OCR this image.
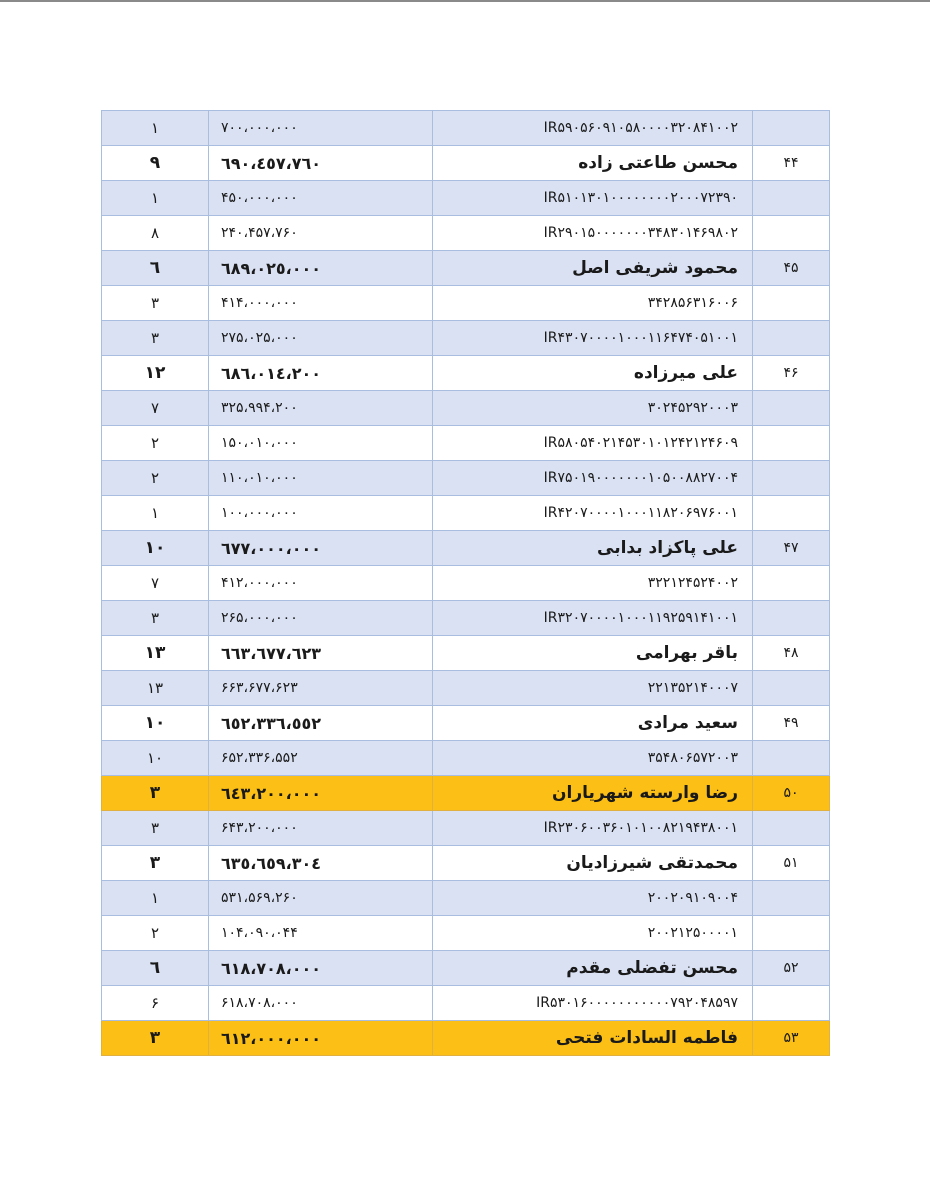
۱	۷۰۰،۰۰۰،۰۰۰	IR۵۹۰۵۶۰۹۱۰۵۸۰۰۰۰۳۲۰۸۴۱۰۰۲	
۹	٦٩٠،٤٥٧،٧٦٠	محسن طاعتی زاده	۴۴
۱	۴۵۰،۰۰۰،۰۰۰	IR۵۱۰۱۳۰۱۰۰۰۰۰۰۰۰۲۰۰۰۷۲۳۹۰	
۸	۲۴۰،۴۵۷،۷۶۰	IR۲۹۰۱۵۰۰۰۰۰۰۰۳۴۸۳۰۱۴۶۹۸۰۲	
٦	٦٨٩،٠٢٥،٠٠٠	محمود شریفی اصل	۴۵
۳	۴۱۴،۰۰۰،۰۰۰	۳۴۲۸۵۶۳۱۶۰۰۶	
۳	۲۷۵،۰۲۵،۰۰۰	IR۴۳۰۷۰۰۰۰۱۰۰۰۱۱۶۴۷۴۰۵۱۰۰۱	
١٢	٦٨٦،٠١٤،٢٠٠	علی میرزاده	۴۶
۷	۳۲۵،۹۹۴،۲۰۰	۳۰۲۴۵۲۹۲۰۰۰۳	
۲	۱۵۰،۰۱۰،۰۰۰	IR۵۸۰۵۴۰۲۱۴۵۳۰۱۰۱۲۴۲۱۲۴۶۰۹	
۲	۱۱۰،۰۱۰،۰۰۰	IR۷۵۰۱۹۰۰۰۰۰۰۰۱۰۵۰۰۸۸۲۷۰۰۴	
۱	۱۰۰،۰۰۰،۰۰۰	IR۴۲۰۷۰۰۰۰۱۰۰۰۱۱۸۲۰۶۹۷۶۰۰۱	
١٠	٦٧٧،٠٠٠،٠٠٠	علی پاکزاد بدابی	۴۷
۷	۴۱۲،۰۰۰،۰۰۰	۳۲۲۱۲۴۵۲۴۰۰۲	
۳	۲۶۵،۰۰۰،۰۰۰	IR۳۲۰۷۰۰۰۰۱۰۰۰۱۱۹۲۵۹۱۴۱۰۰۱	
١٣	٦٦٣،٦٧٧،٦٢٣	باقر بهرامی	۴۸
۱۳	۶۶۳،۶۷۷،۶۲۳	۲۲۱۳۵۲۱۴۰۰۰۷	
١٠	٦٥٢،٣٣٦،٥٥٢	سعید مرادی	۴۹
۱۰	۶۵۲،۳۳۶،۵۵۲	۳۵۴۸۰۶۵۷۲۰۰۳	
٣	٦٤٣،٢٠٠،٠٠٠	رضا وارسته شهریاران	۵۰
۳	۶۴۳،۲۰۰،۰۰۰	IR۲۳۰۶۰۰۳۶۰۱۰۱۰۰۸۲۱۹۴۳۸۰۰۱	
٣	٦٣٥،٦٥٩،٣٠٤	محمدتقی شیرزادیان	۵۱
۱	۵۳۱،۵۶۹،۲۶۰	۲۰۰۲۰۹۱۰۹۰۰۴	
۲	۱۰۴،۰۹۰،۰۴۴	۲۰۰۲۱۲۵۰۰۰۰۱	
٦	٦١٨،٧٠٨،٠٠٠	محسن تفضلی مقدم	۵۲
۶	۶۱۸،۷۰۸،۰۰۰	IR۵۳۰۱۶۰۰۰۰۰۰۰۰۰۰۰۷۹۲۰۴۸۵۹۷	
٣	٦١٢،٠٠٠،٠٠٠	فاطمه السادات فتحی	۵۳
